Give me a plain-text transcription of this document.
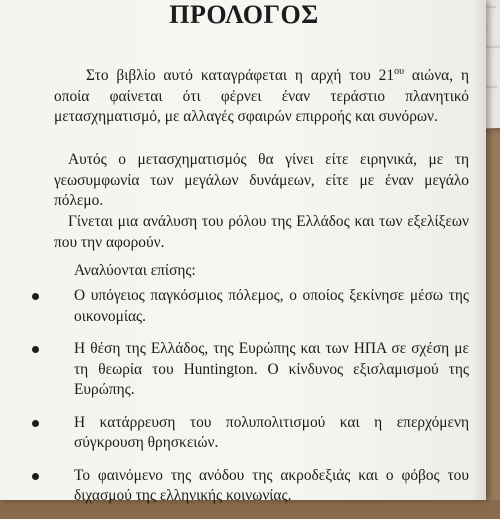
ΠΡΟΛΟΓΟΣ

Στο βιβλίο αυτό καταγράφεται η αρχή του $21^{o\upsilon}$ αιώνα, η οποία φαίνεται ότι φέρνει έναν τεράστιο πλανητικό μετασχηματισμό, με αλλαγές σφαιρών επιρροής και συνόρων.

Αυτός ο μετασχηματισμός θα γίνει είτε ειρηνικά, με τη γεωσυμφωνία των μεγάλων δυνάμεων, είτε με έναν μεγάλο πόλεμο.

Γίνεται μια ανάλυση του ρόλου της Ελλάδος και των εξελίξεων που την αφορούν.

Αναλύονται επίσης:

Ο υπόγειος παγκόσμιος πόλεμος, ο οποίος ξεκίνησε μέσω της οικονομίας.
Η θέση της Ελλάδος, της Ευρώπης και των ΗΠΑ σε σχέση με τη θεωρία του Huntington. Ο κίνδυνος εξισλαμισμού της Ευρώπης.
Η κατάρρευση του πολυπολιτισμού και η επερχόμενη σύγκρουση θρησκειών.
Το φαινόμενο της ανόδου της ακροδεξιάς και ο φόβος του διχασμού της ελληνικής κοινωνίας.
